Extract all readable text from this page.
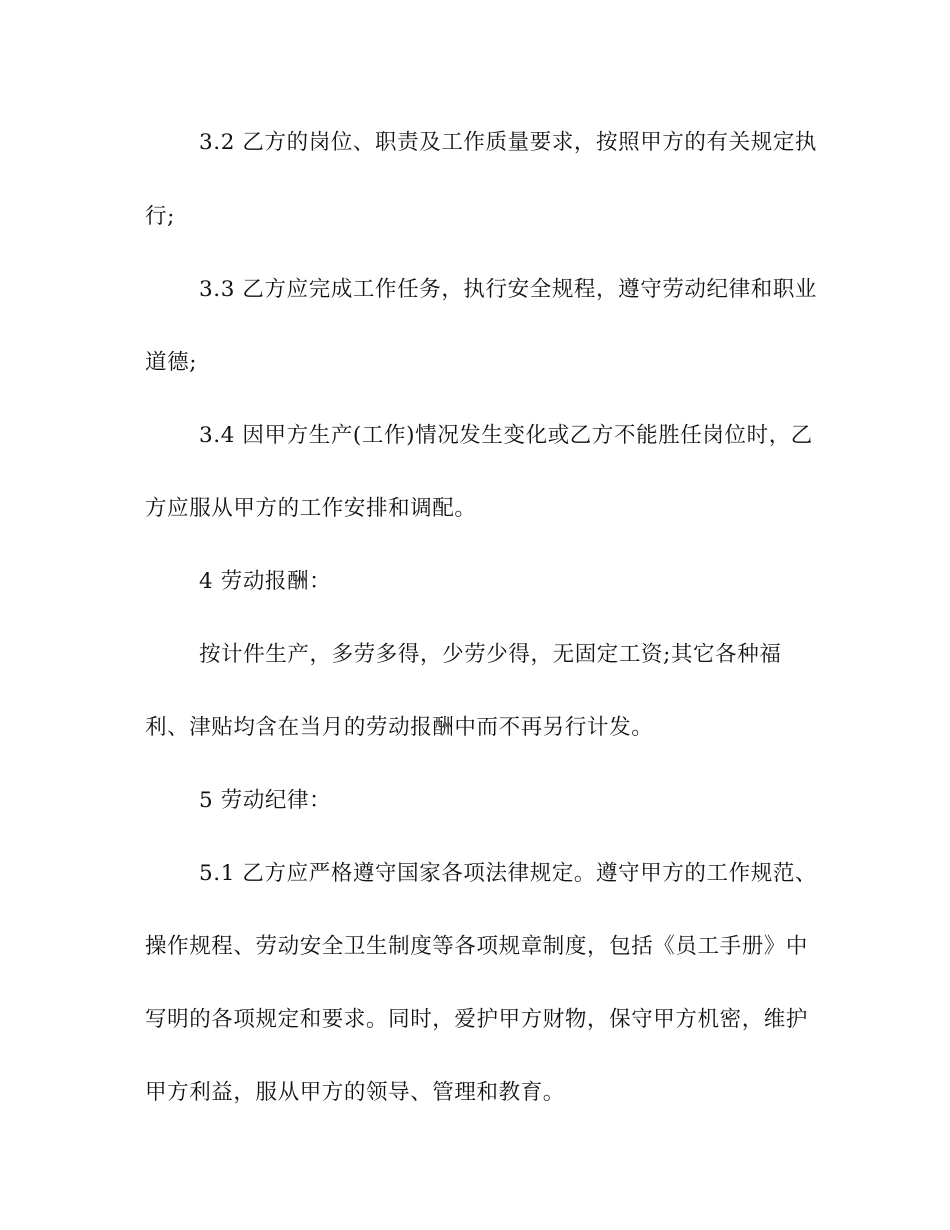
3.2 乙方的岗位、职责及工作质量要求，按照甲方的有关规定执
行;
3.3 乙方应完成工作任务，执行安全规程，遵守劳动纪律和职业
道德;
3.4 因甲方生产(工作)情况发生变化或乙方不能胜任岗位时，乙
方应服从甲方的工作安排和调配。
4 劳动报酬：
按计件生产，多劳多得，少劳少得，无固定工资;其它各种福
利、津贴均含在当月的劳动报酬中而不再另行计发。
5 劳动纪律：
5.1 乙方应严格遵守国家各项法律规定。遵守甲方的工作规范、
操作规程、劳动安全卫生制度等各项规章制度，包括《员工手册》中
写明的各项规定和要求。同时，爱护甲方财物，保守甲方机密，维护
甲方利益，服从甲方的领导、管理和教育。
